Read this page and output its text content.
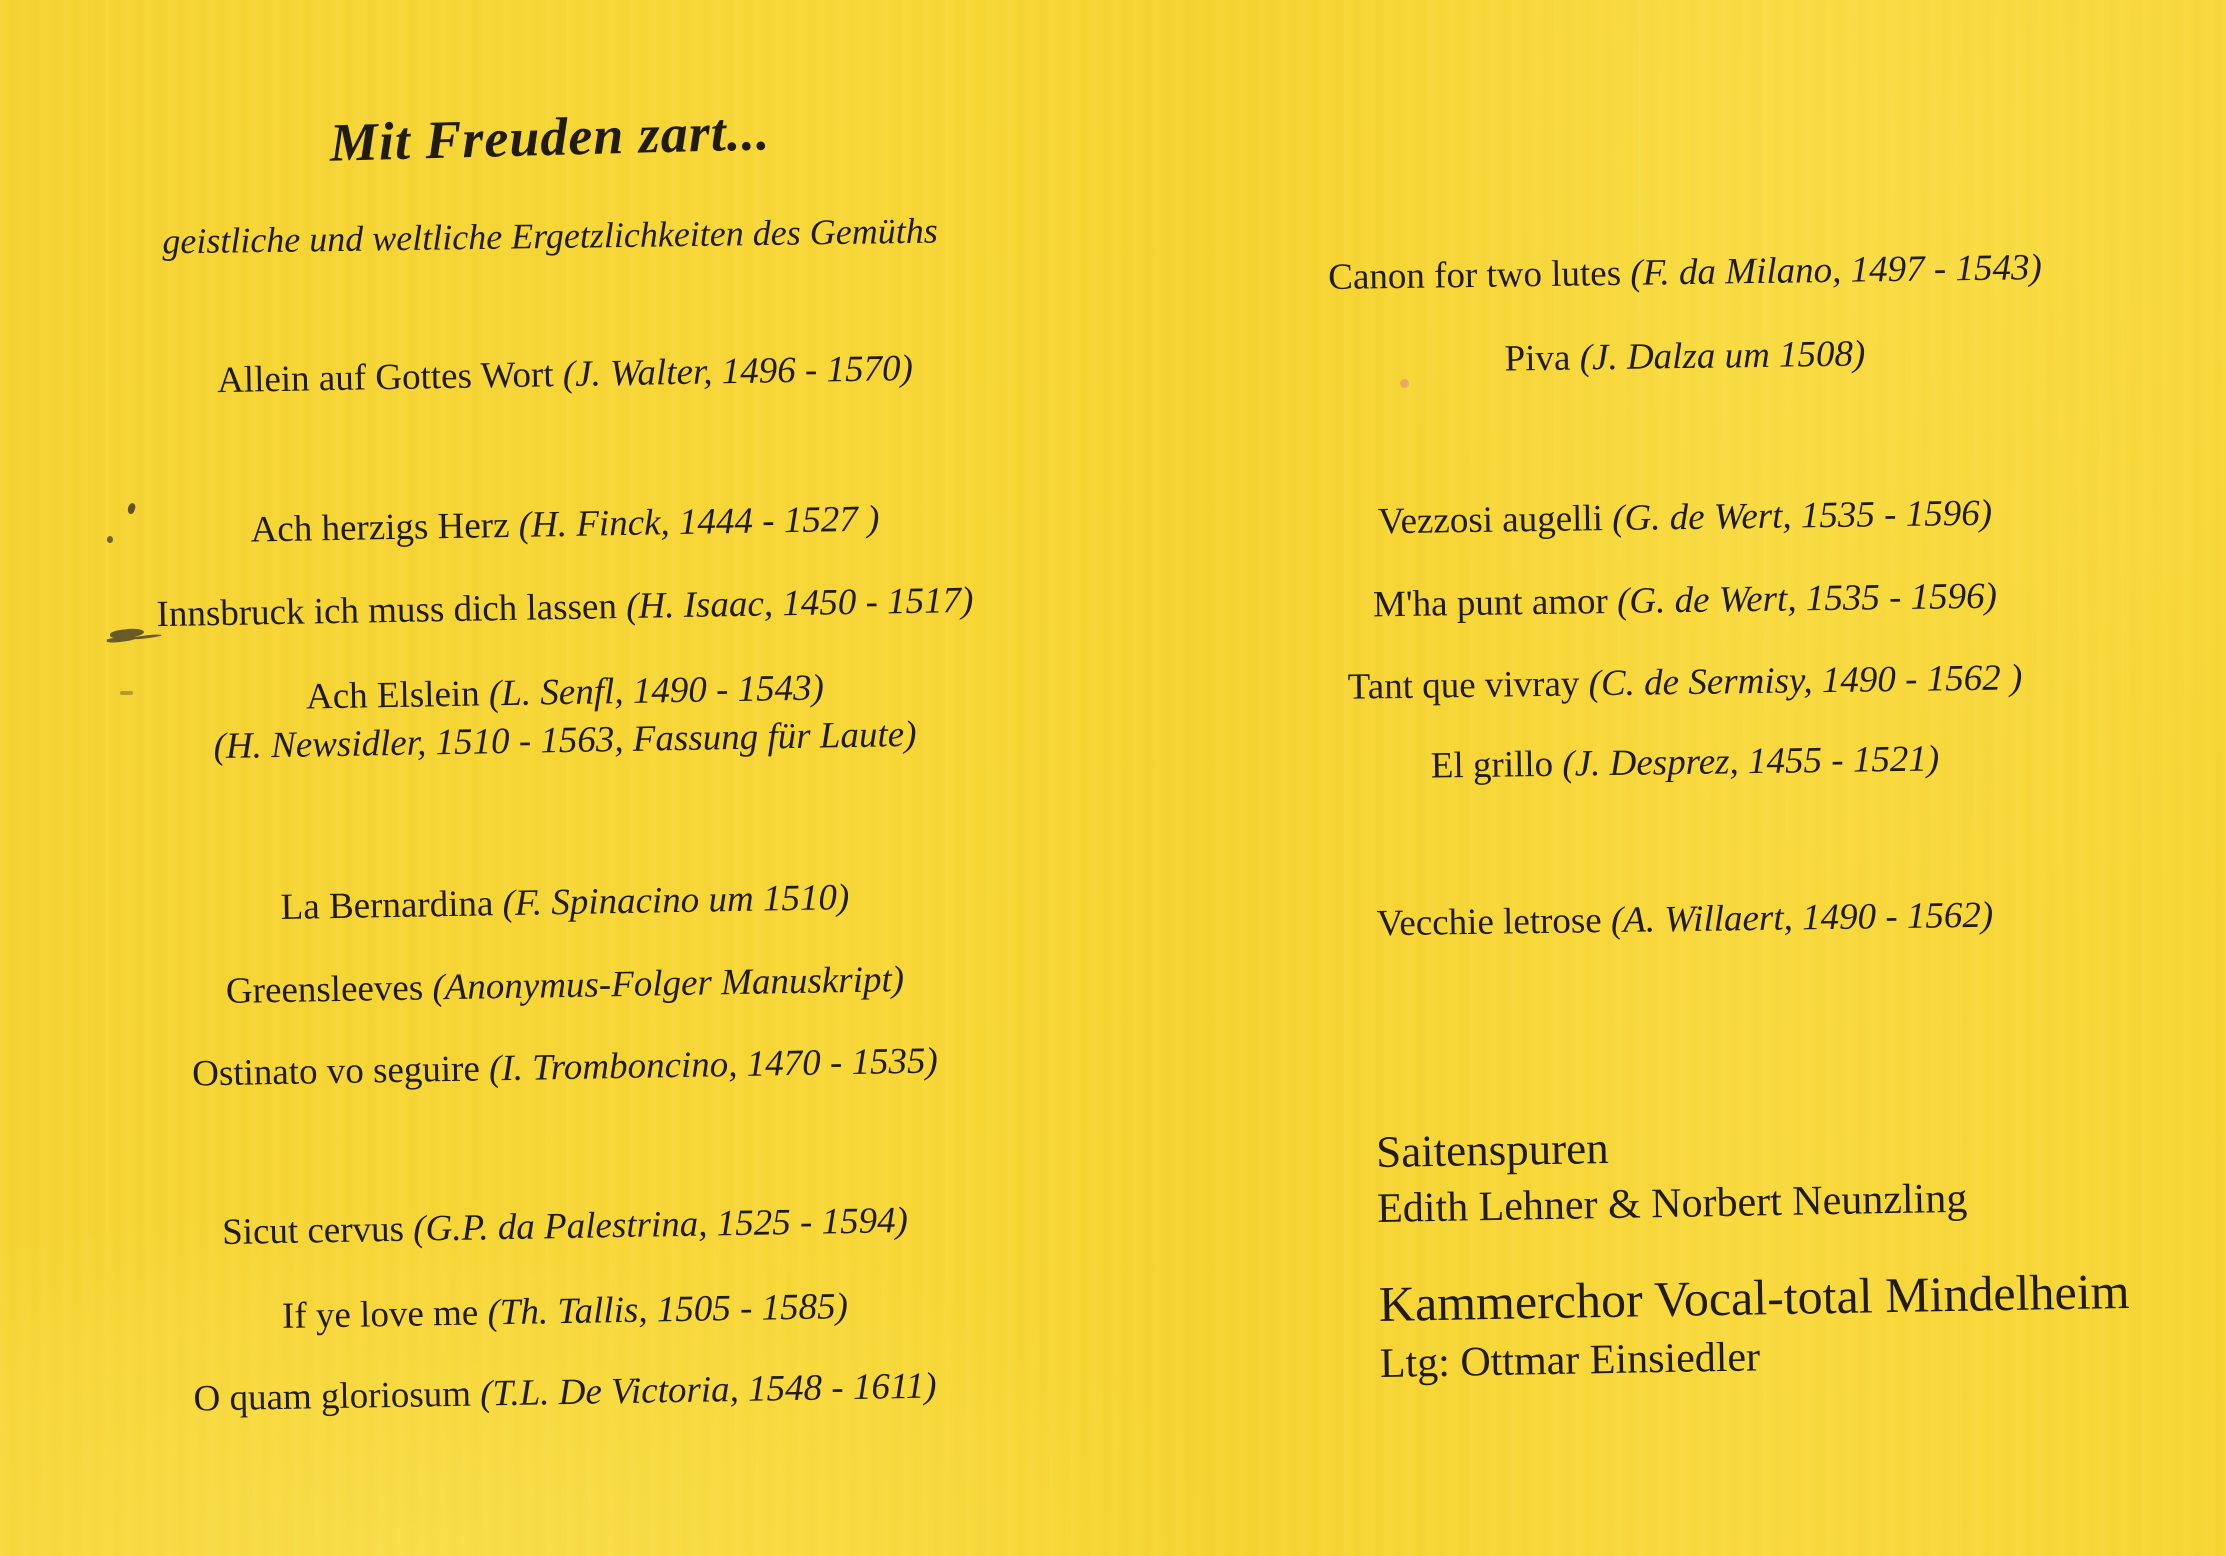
Mit Freuden zart...
geistliche und weltliche Ergetzlichkeiten des Gemüths
Allein auf Gottes Wort (J. Walter, 1496 - 1570)
Ach herzigs Herz (H. Finck, 1444 - 1527 )
Innsbruck ich muss dich lassen (H. Isaac, 1450 - 1517)
Ach Elslein (L. Senfl, 1490 - 1543)
(H. Newsidler, 1510 - 1563, Fassung für Laute)
La Bernardina (F. Spinacino um 1510)
Greensleeves (Anonymus-Folger Manuskript)
Ostinato vo seguire (I. Tromboncino, 1470 - 1535)
Sicut cervus (G.P. da Palestrina, 1525 - 1594)
If ye love me (Th. Tallis, 1505 - 1585)
O quam gloriosum (T.L. De Victoria, 1548 - 1611)
Canon for two lutes (F. da Milano, 1497 - 1543)
Piva (J. Dalza um 1508)
Vezzosi augelli (G. de Wert, 1535 - 1596)
M'ha punt amor (G. de Wert, 1535 - 1596)
Tant que vivray (C. de Sermisy, 1490 - 1562 )
El grillo (J. Desprez, 1455 - 1521)
Vecchie letrose (A. Willaert, 1490 - 1562)
Saitenspuren
Edith Lehner & Norbert Neunzling
Kammerchor Vocal-total Mindelheim
Ltg: Ottmar Einsiedler
